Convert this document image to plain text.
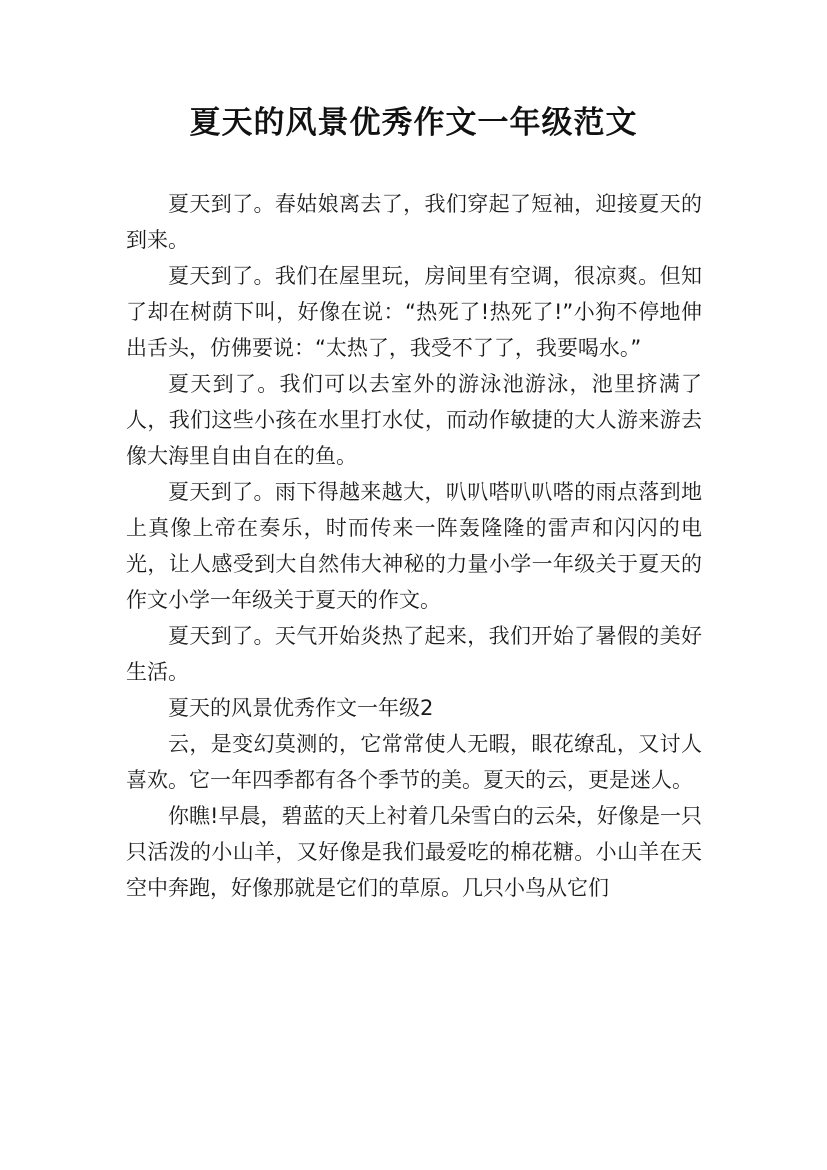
夏天的风景优秀作文一年级范文

夏天到了。春姑娘离去了，我们穿起了短袖，迎接夏天的到来。

夏天到了。我们在屋里玩，房间里有空调，很凉爽。但知了却在树荫下叫，好像在说：“热死了!热死了!”小狗不停地伸出舌头，仿佛要说：“太热了，我受不了了，我要喝水。”

夏天到了。我们可以去室外的游泳池游泳，池里挤满了人，我们这些小孩在水里打水仗，而动作敏捷的大人游来游去像大海里自由自在的鱼。

夏天到了。雨下得越来越大，叭叭嗒叭叭嗒的雨点落到地上真像上帝在奏乐，时而传来一阵轰隆隆的雷声和闪闪的电光，让人感受到大自然伟大神秘的力量小学一年级关于夏天的作文小学一年级关于夏天的作文。

夏天到了。天气开始炎热了起来，我们开始了暑假的美好生活。

夏天的风景优秀作文一年级2

云，是变幻莫测的，它常常使人无暇，眼花缭乱，又讨人喜欢。它一年四季都有各个季节的美。夏天的云，更是迷人。

你瞧!早晨，碧蓝的天上衬着几朵雪白的云朵，好像是一只只活泼的小山羊，又好像是我们最爱吃的棉花糖。小山羊在天空中奔跑，好像那就是它们的草原。几只小鸟从它们
